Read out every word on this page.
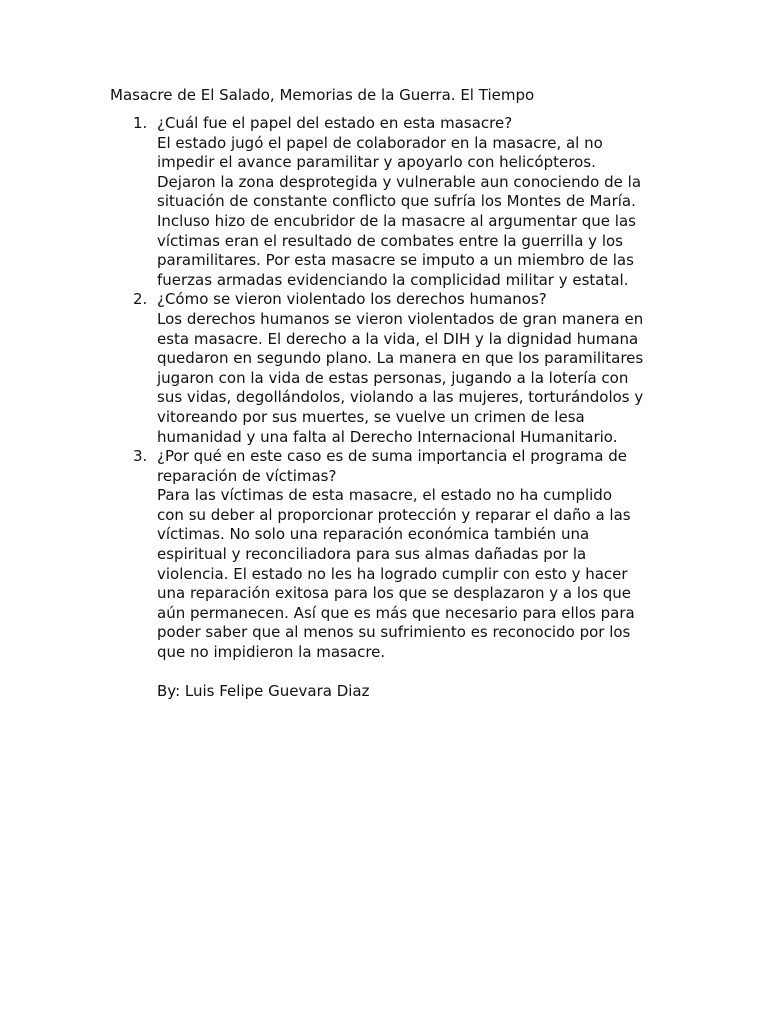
Masacre de El Salado, Memorias de la Guerra. El Tiempo
1. ¿Cuál fue el papel del estado en esta masacre?
El estado jugó el papel de colaborador en la masacre, al no
impedir el avance paramilitar y apoyarlo con helicópteros.
Dejaron la zona desprotegida y vulnerable aun conociendo de la
situación de constante conflicto que sufría los Montes de María.
Incluso hizo de encubridor de la masacre al argumentar que las
víctimas eran el resultado de combates entre la guerrilla y los
paramilitares. Por esta masacre se imputo a un miembro de las
fuerzas armadas evidenciando la complicidad militar y estatal.
2. ¿Cómo se vieron violentado los derechos humanos?
Los derechos humanos se vieron violentados de gran manera en
esta masacre. El derecho a la vida, el DIH y la dignidad humana
quedaron en segundo plano. La manera en que los paramilitares
jugaron con la vida de estas personas, jugando a la lotería con
sus vidas, degollándolos, violando a las mujeres, torturándolos y
vitoreando por sus muertes, se vuelve un crimen de lesa
humanidad y una falta al Derecho Internacional Humanitario.
3. ¿Por qué en este caso es de suma importancia el programa de
reparación de víctimas?
Para las víctimas de esta masacre, el estado no ha cumplido
con su deber al proporcionar protección y reparar el daño a las
víctimas. No solo una reparación económica también una
espiritual y reconciliadora para sus almas dañadas por la
violencia. El estado no les ha logrado cumplir con esto y hacer
una reparación exitosa para los que se desplazaron y a los que
aún permanecen. Así que es más que necesario para ellos para
poder saber que al menos su sufrimiento es reconocido por los
que no impidieron la masacre.
By: Luis Felipe Guevara Diaz
